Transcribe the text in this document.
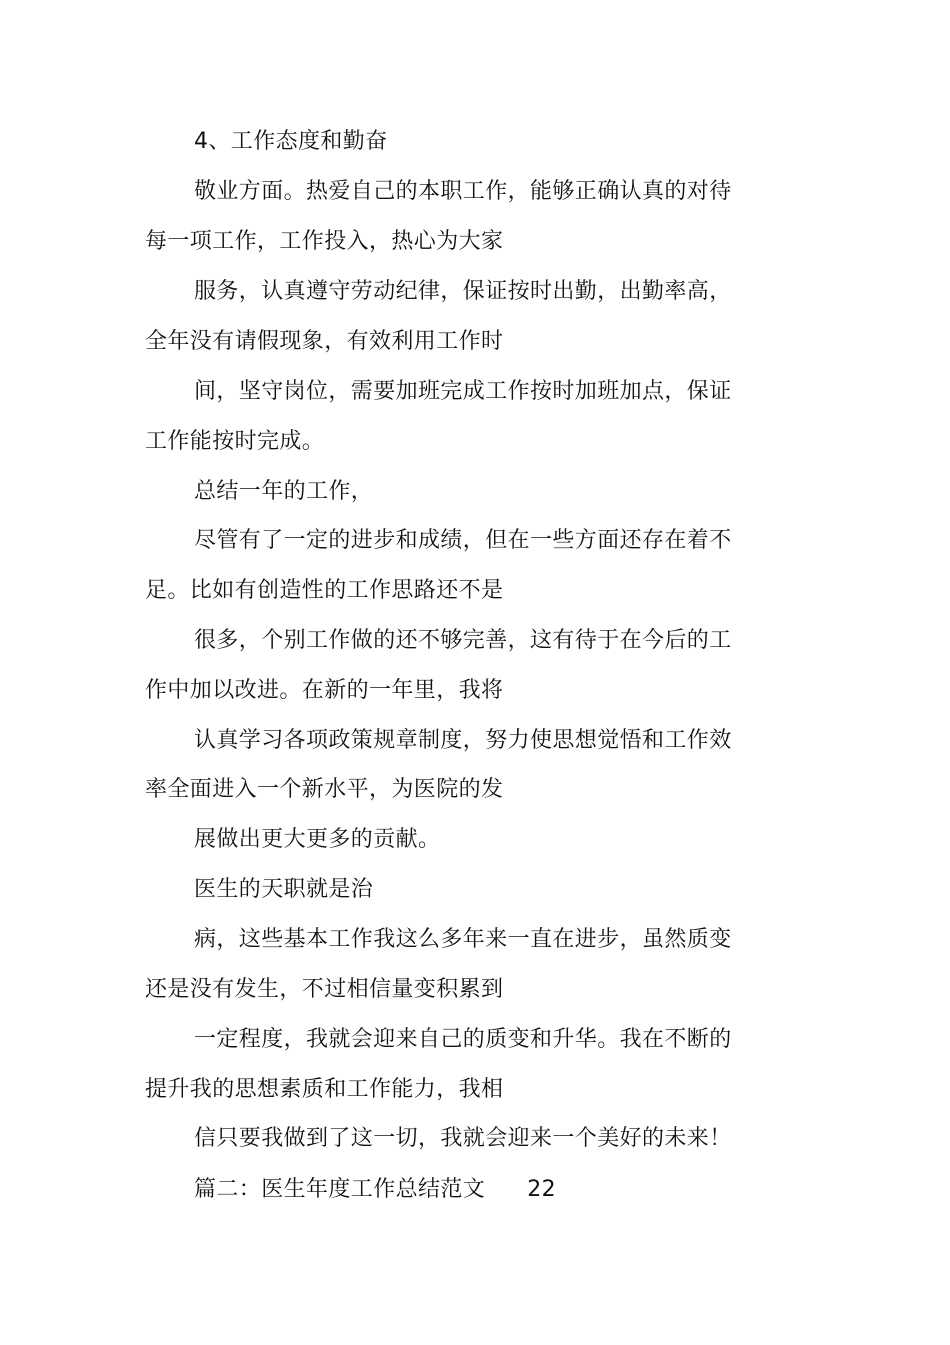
4、工作态度和勤奋
敬业方面。热爱自己的本职工作，能够正确认真的对待
每一项工作，工作投入，热心为大家
服务，认真遵守劳动纪律，保证按时出勤，出勤率高，
全年没有请假现象，有效利用工作时
间，坚守岗位，需要加班完成工作按时加班加点，保证
工作能按时完成。
总结一年的工作，
尽管有了一定的进步和成绩，但在一些方面还存在着不
足。比如有创造性的工作思路还不是
很多，个别工作做的还不够完善，这有待于在今后的工
作中加以改进。在新的一年里，我将
认真学习各项政策规章制度，努力使思想觉悟和工作效
率全面进入一个新水平，为医院的发
展做出更大更多的贡献。
医生的天职就是治
病，这些基本工作我这么多年来一直在进步，虽然质变
还是没有发生，不过相信量变积累到
一定程度，我就会迎来自己的质变和升华。我在不断的
提升我的思想素质和工作能力，我相
信只要我做到了这一切，我就会迎来一个美好的未来！
篇二：医生年度工作总结范文 22
